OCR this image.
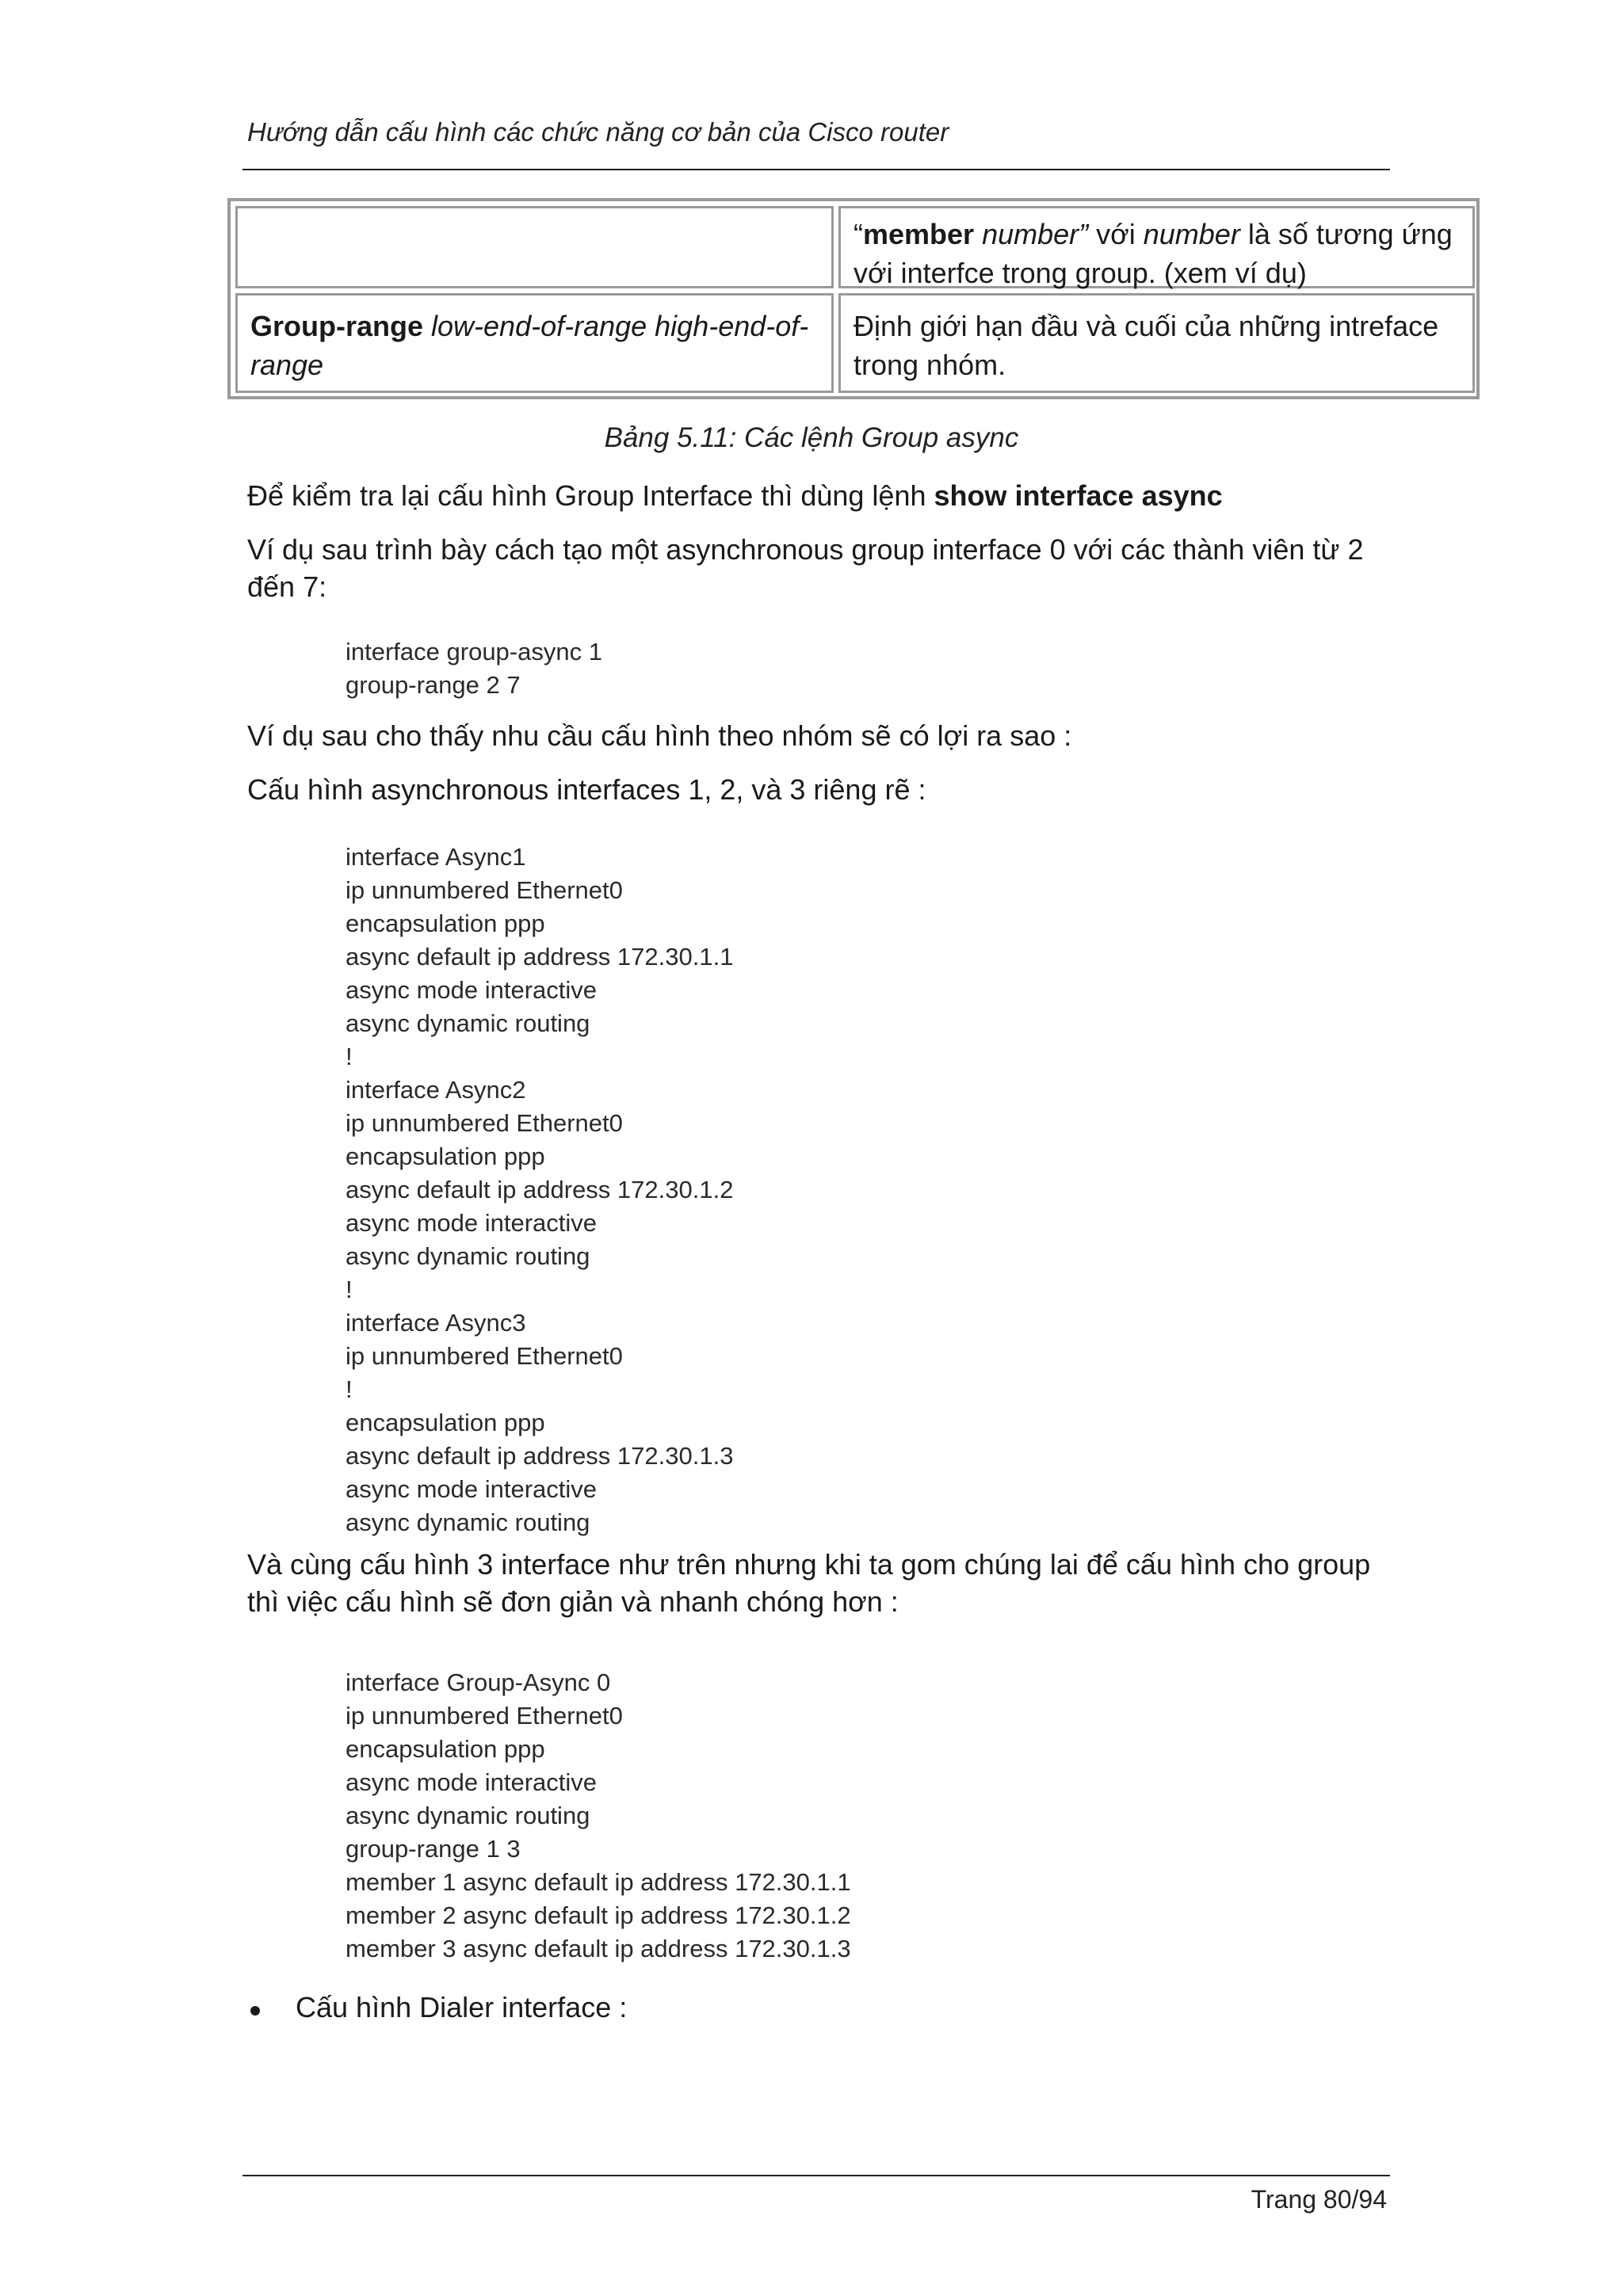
Hướng dẫn cấu hình các chức năng cơ bản của Cisco router
“member number” với number là số tương ứng
với interfce trong group. (xem ví dụ)
Group-range low-end-of-range high-end-of-
range
Định giới hạn đầu và cuối của những intreface
trong nhóm.
Bảng 5.11: Các lệnh Group async
Để kiểm tra lại cấu hình Group Interface thì dùng lệnh show interface async
Ví dụ sau trình bày cách tạo một asynchronous group interface 0 với các thành viên từ 2
đến 7:
interface group-async 1
group-range 2 7
Ví dụ sau cho thấy nhu cầu cấu hình theo nhóm sẽ có lợi ra sao :
Cấu hình asynchronous interfaces 1, 2, và 3 riêng rẽ :
interface Async1
ip unnumbered Ethernet0
encapsulation ppp
async default ip address 172.30.1.1
async mode interactive
async dynamic routing
!
interface Async2
ip unnumbered Ethernet0
encapsulation ppp
async default ip address 172.30.1.2
async mode interactive
async dynamic routing
!
interface Async3
ip unnumbered Ethernet0
!
encapsulation ppp
async default ip address 172.30.1.3
async mode interactive
async dynamic routing
Và cùng cấu hình 3 interface như trên nhưng khi ta gom chúng lai để cấu hình cho group
thì việc cấu hình sẽ đơn giản và nhanh chóng hơn :
interface Group-Async 0
ip unnumbered Ethernet0
encapsulation ppp
async mode interactive
async dynamic routing
group-range 1 3
member 1 async default ip address 172.30.1.1
member 2 async default ip address 172.30.1.2
member 3 async default ip address 172.30.1.3
Cấu hình Dialer interface :
Trang 80/94
